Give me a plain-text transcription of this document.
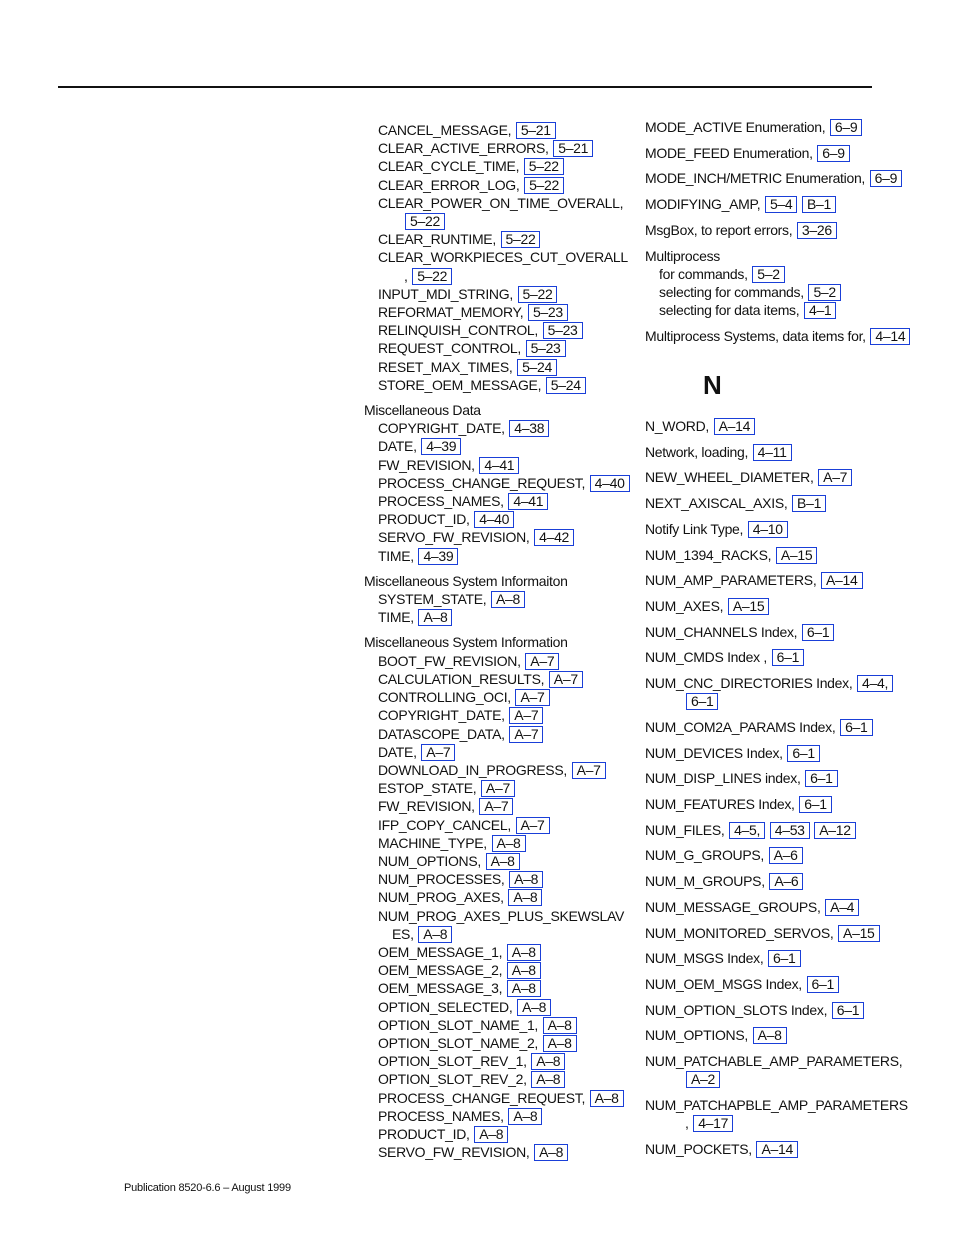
CANCEL_MESSAGE, 5–21
CLEAR_ACTIVE_ERRORS, 5–21
CLEAR_CYCLE_TIME, 5–22
CLEAR_ERROR_LOG, 5–22
CLEAR_POWER_ON_TIME_OVERALL,
5–22
CLEAR_RUNTIME, 5–22
CLEAR_WORKPIECES_CUT_OVERALL
, 5–22
INPUT_MDI_STRING, 5–22
REFORMAT_MEMORY, 5–23
RELINQUISH_CONTROL, 5–23
REQUEST_CONTROL, 5–23
RESET_MAX_TIMES, 5–24
STORE_OEM_MESSAGE, 5–24
Miscellaneous Data
COPYRIGHT_DATE, 4–38
DATE, 4–39
FW_REVISION, 4–41
PROCESS_CHANGE_REQUEST, 4–40
PROCESS_NAMES, 4–41
PRODUCT_ID, 4–40
SERVO_FW_REVISION, 4–42
TIME, 4–39
Miscellaneous System Informaiton
SYSTEM_STATE, A–8
TIME, A–8
Miscellaneous System Information
BOOT_FW_REVISION, A–7
CALCULATION_RESULTS, A–7
CONTROLLING_OCI, A–7
COPYRIGHT_DATE, A–7
DATASCOPE_DATA, A–7
DATE, A–7
DOWNLOAD_IN_PROGRESS, A–7
ESTOP_STATE, A–7
FW_REVISION, A–7
IFP_COPY_CANCEL, A–7
MACHINE_TYPE, A–8
NUM_OPTIONS, A–8
NUM_PROCESSES, A–8
NUM_PROG_AXES, A–8
NUM_PROG_AXES_PLUS_SKEWSLAV
ES, A–8
OEM_MESSAGE_1, A–8
OEM_MESSAGE_2, A–8
OEM_MESSAGE_3, A–8
OPTION_SELECTED, A–8
OPTION_SLOT_NAME_1, A–8
OPTION_SLOT_NAME_2, A–8
OPTION_SLOT_REV_1, A–8
OPTION_SLOT_REV_2, A–8
PROCESS_CHANGE_REQUEST, A–8
PROCESS_NAMES, A–8
PRODUCT_ID, A–8
SERVO_FW_REVISION, A–8
MODE_ACTIVE Enumeration, 6–9
MODE_FEED Enumeration, 6–9
MODE_INCH/METRIC Enumeration, 6–9
MODIFYING_AMP, 5–4 B–1
MsgBox, to report errors, 3–26
Multiprocess
for commands, 5–2
selecting for commands, 5–2
selecting for data items, 4–1
Multiprocess Systems, data items for, 4–14
N
N_WORD, A–14
Network, loading, 4–11
NEW_WHEEL_DIAMETER, A–7
NEXT_AXISCAL_AXIS, B–1
Notify Link Type, 4–10
NUM_1394_RACKS, A–15
NUM_AMP_PARAMETERS, A–14
NUM_AXES, A–15
NUM_CHANNELS Index, 6–1
NUM_CMDS Index , 6–1
NUM_CNC_DIRECTORIES Index, 4–4,
6–1
NUM_COM2A_PARAMS Index, 6–1
NUM_DEVICES Index, 6–1
NUM_DISP_LINES index, 6–1
NUM_FEATURES Index, 6–1
NUM_FILES, 4–5, 4–53 A–12
NUM_G_GROUPS, A–6
NUM_M_GROUPS, A–6
NUM_MESSAGE_GROUPS, A–4
NUM_MONITORED_SERVOS, A–15
NUM_MSGS Index, 6–1
NUM_OEM_MSGS Index, 6–1
NUM_OPTION_SLOTS Index, 6–1
NUM_OPTIONS, A–8
NUM_PATCHABLE_AMP_PARAMETERS,
A–2
NUM_PATCHAPBLE_AMP_PARAMETERS
, 4–17
NUM_POCKETS, A–14
Publication 8520-6.6 – August 1999
